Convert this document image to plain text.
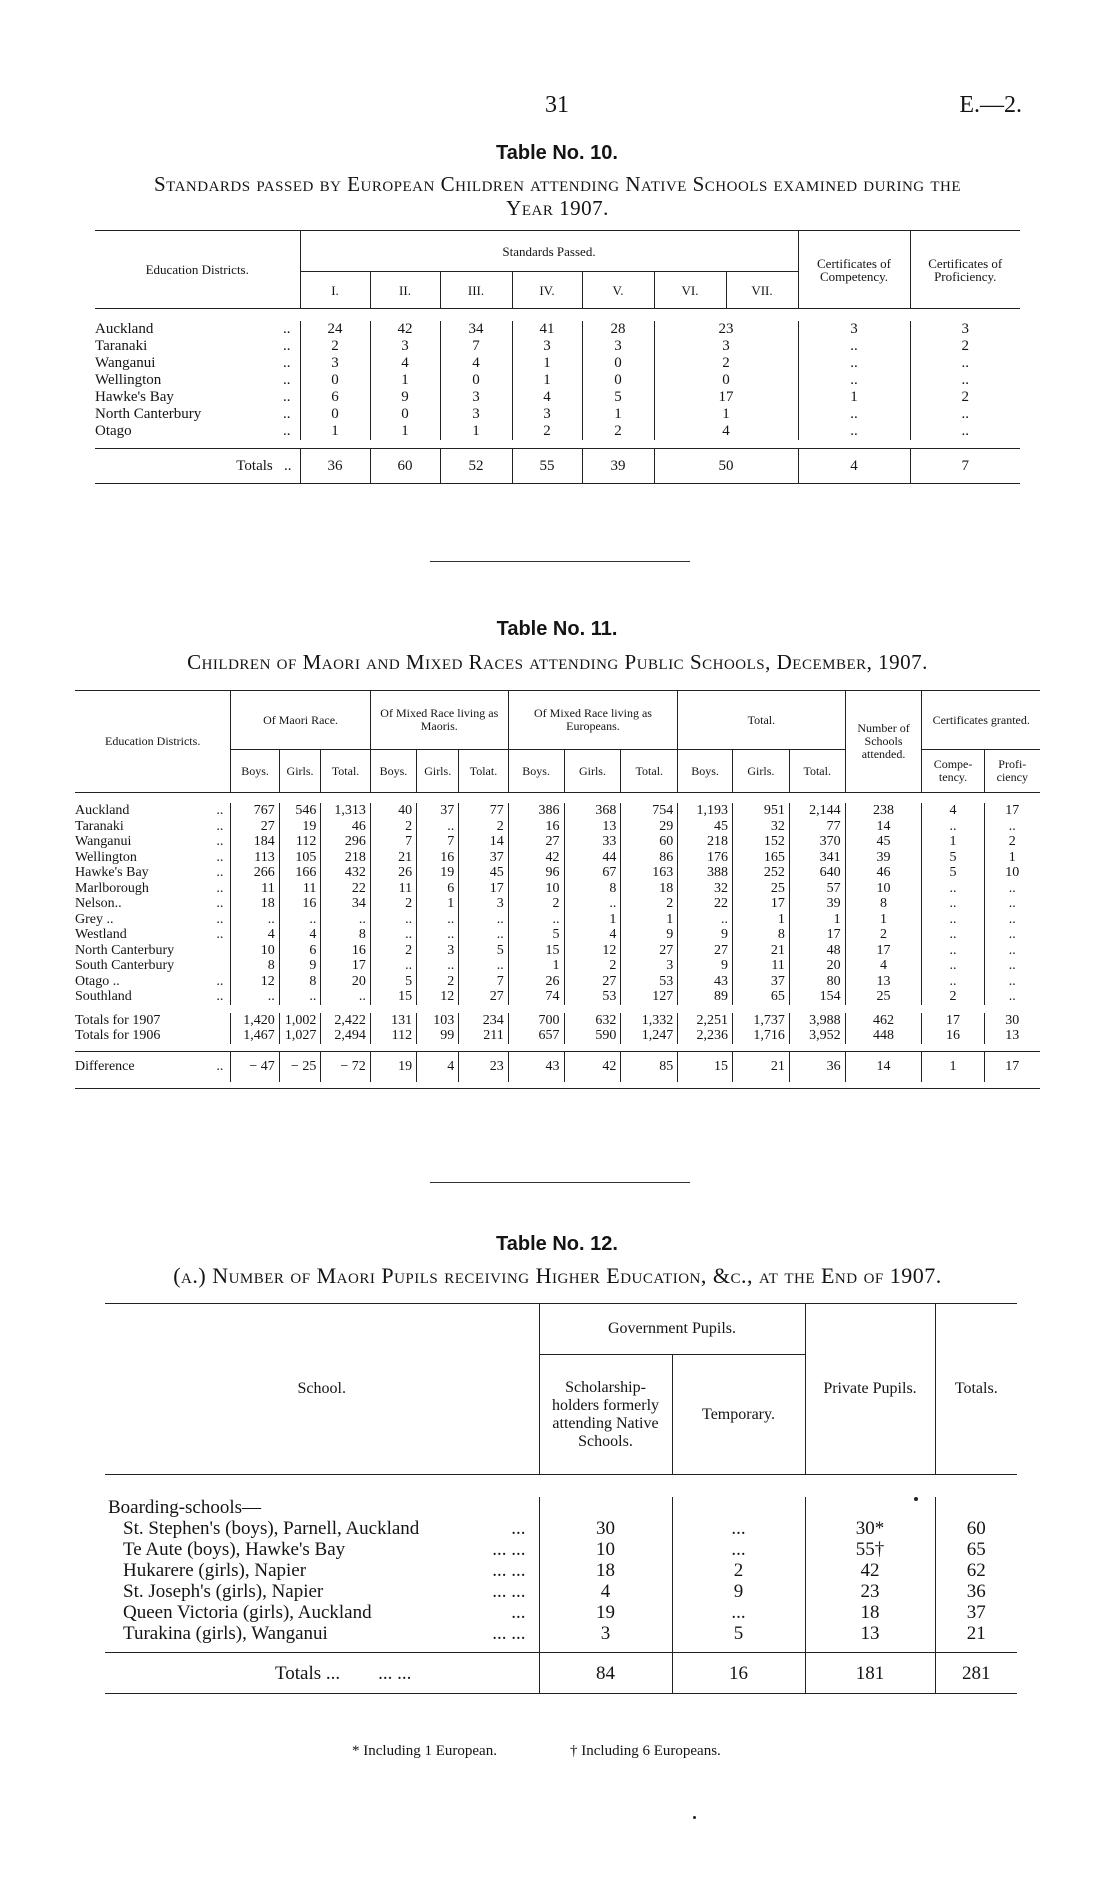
31	E.—2.
Table No. 10.
Standards passed by European Children attending Native Schools examined during the
Year 1907.
Education Districts.	Standards Passed.							Certificates of Competency.	Certificates of Proficiency.
	I.	II.	III.	IV.	V.	VI.	VII.		

Auckland ..	24	42	34	41	28	23		3	3
Taranaki ..	2	3	7	3	3	3		..	2
Wanganui ..	3	4	4	1	0	2		..	..
Wellington ..	0	1	0	1	0	0		..	..
Hawke's Bay ..	6	9	3	4	5	17		1	2
North Canterbury ..	0	0	3	3	1	1		..	..
Otago ..	1	1	1	2	2	4		..	..

Totals ..	36	60	52	55	39	50		4	7
Table No. 11.
Children of Maori and Mixed Races attending Public Schools, December, 1907.
Education Districts.	Of Maori Race.			Of Mixed Race living as Maoris.			Of Mixed Race living as Europeans.			Total.			Number of Schools attended.	Certificates granted.	
	Boys.	Girls.	Total.	Boys.	Girls.	Tolat.	Boys.	Girls.	Total.	Boys.	Girls.	Total.		Compe-tency.	Profi-ciency

Auckland ..	767	546	1,313	40	37	77	386	368	754	1,193	951	2,144	238	4	17
Taranaki ..	27	19	46	2	..	2	16	13	29	45	32	77	14	..	..
Wanganui ..	184	112	296	7	7	14	27	33	60	218	152	370	45	1	2
Wellington ..	113	105	218	21	16	37	42	44	86	176	165	341	39	5	1
Hawke's Bay ..	266	166	432	26	19	45	96	67	163	388	252	640	46	5	10
Marlborough ..	11	11	22	11	6	17	10	8	18	32	25	57	10	..	..
Nelson.. ..	18	16	34	2	1	3	2	..	2	22	17	39	8	..	..
Grey .. ..	..	..	..	..	..	..	..	1	1	..	1	1	1	..	..
Westland ..	4	4	8	..	..	..	5	4	9	9	8	17	2	..	..
North Canterbury	10	6	16	2	3	5	15	12	27	27	21	48	17	..	..
South Canterbury	8	9	17	..	..	..	1	2	3	9	11	20	4	..	..
Otago .. ..	12	8	20	5	2	7	26	27	53	43	37	80	13	..	..
Southland ..	..	..	..	15	12	27	74	53	127	89	65	154	25	2	..

Totals for 1907	1,420	1,002	2,422	131	103	234	700	632	1,332	2,251	1,737	3,988	462	17	30
Totals for 1906	1,467	1,027	2,494	112	99	211	657	590	1,247	2,236	1,716	3,952	448	16	13

Difference ..	− 47	− 25	− 72	19	4	23	43	42	85	15	21	36	14	1	17

Table No. 12.
(a.) Number of Maori Pupils receiving Higher Education, &c., at the End of 1907.
School.	Government Pupils.		Private Pupils.	Totals.
	Scholarship-holders formerly attending Native Schools.	Temporary.		

Boarding-schools—				
St. Stephen's (boys), Parnell, Auckland ...	30	...	30*	60
Te Aute (boys), Hawke's Bay ... ...	10	...	55†	65
Hukarere (girls), Napier ... ...	18	2	42	62
St. Joseph's (girls), Napier ... ...	4	9	23	36
Queen Victoria (girls), Auckland ...	19	...	18	37
Turakina (girls), Wanganui ... ...	3	5	13	21

Totals ... ... ...	84	16	181	281
* Including 1 European.	† Including 6 Europeans.
